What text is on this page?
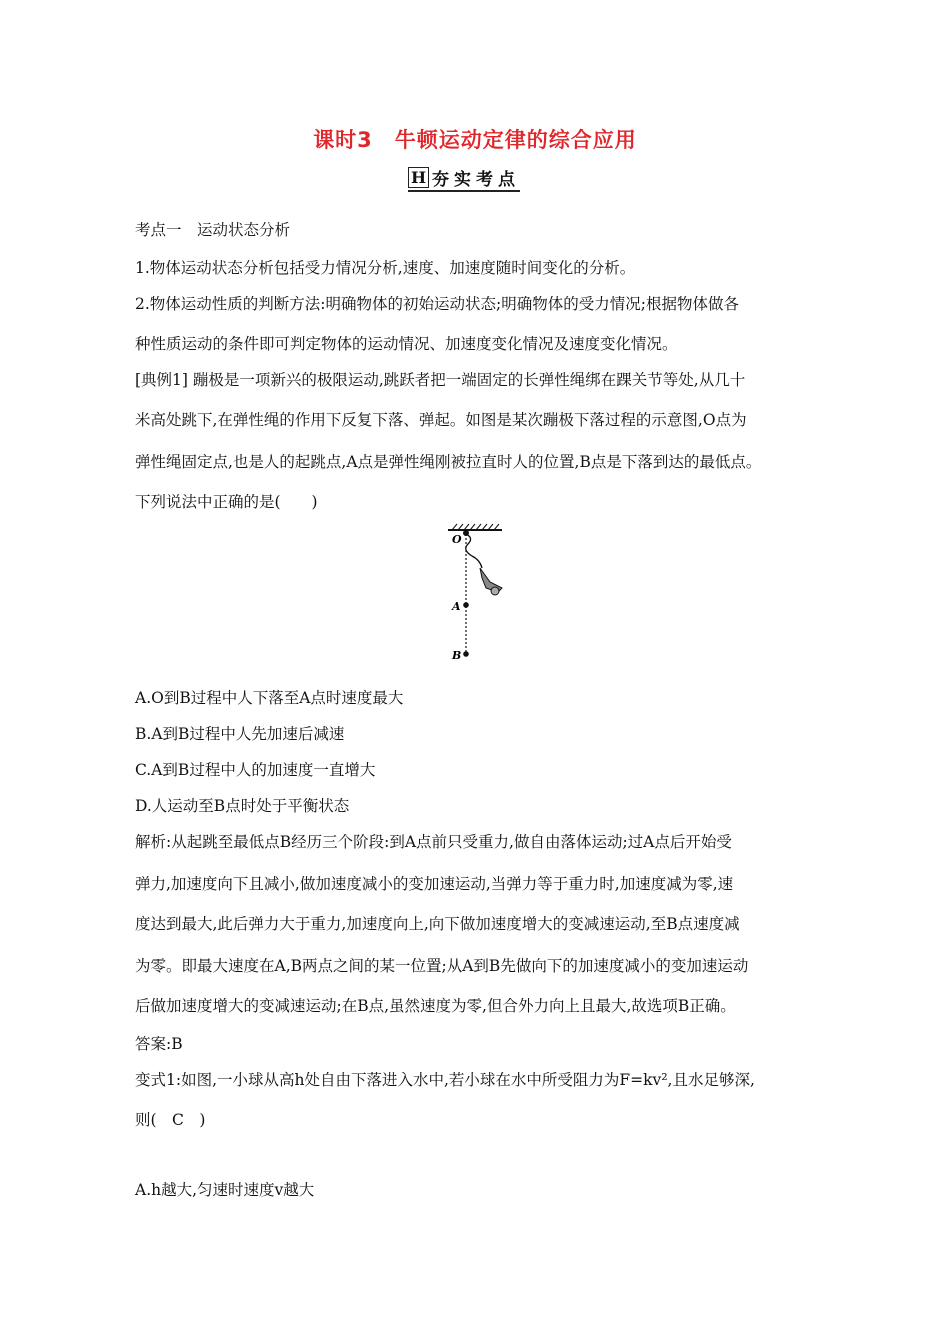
课时3　牛顿运动定律的综合应用
H 夯实考点
考点一　运动状态分析
1.物体运动状态分析包括受力情况分析,速度、加速度随时间变化的分析。
2.物体运动性质的判断方法:明确物体的初始运动状态;明确物体的受力情况;根据物体做各
种性质运动的条件即可判定物体的运动情况、加速度变化情况及速度变化情况。
[典例1] 蹦极是一项新兴的极限运动,跳跃者把一端固定的长弹性绳绑在踝关节等处,从几十
米高处跳下,在弹性绳的作用下反复下落、弹起。如图是某次蹦极下落过程的示意图,O点为
弹性绳固定点,也是人的起跳点,A点是弹性绳刚被拉直时人的位置,B点是下落到达的最低点。
下列说法中正确的是(　　)
O
A
B
A.O到B过程中人下落至A点时速度最大
B.A到B过程中人先加速后减速
C.A到B过程中人的加速度一直增大
D.人运动至B点时处于平衡状态
解析:从起跳至最低点B经历三个阶段:到A点前只受重力,做自由落体运动;过A点后开始受
弹力,加速度向下且减小,做加速度减小的变加速运动,当弹力等于重力时,加速度减为零,速
度达到最大,此后弹力大于重力,加速度向上,向下做加速度增大的变减速运动,至B点速度减
为零。即最大速度在A,B两点之间的某一位置;从A到B先做向下的加速度减小的变加速运动
后做加速度增大的变减速运动;在B点,虽然速度为零,但合外力向上且最大,故选项B正确。
答案:B
变式1:如图,一小球从高h处自由下落进入水中,若小球在水中所受阻力为F=kv²,且水足够深,
则(　C　)
A.h越大,匀速时速度v越大
